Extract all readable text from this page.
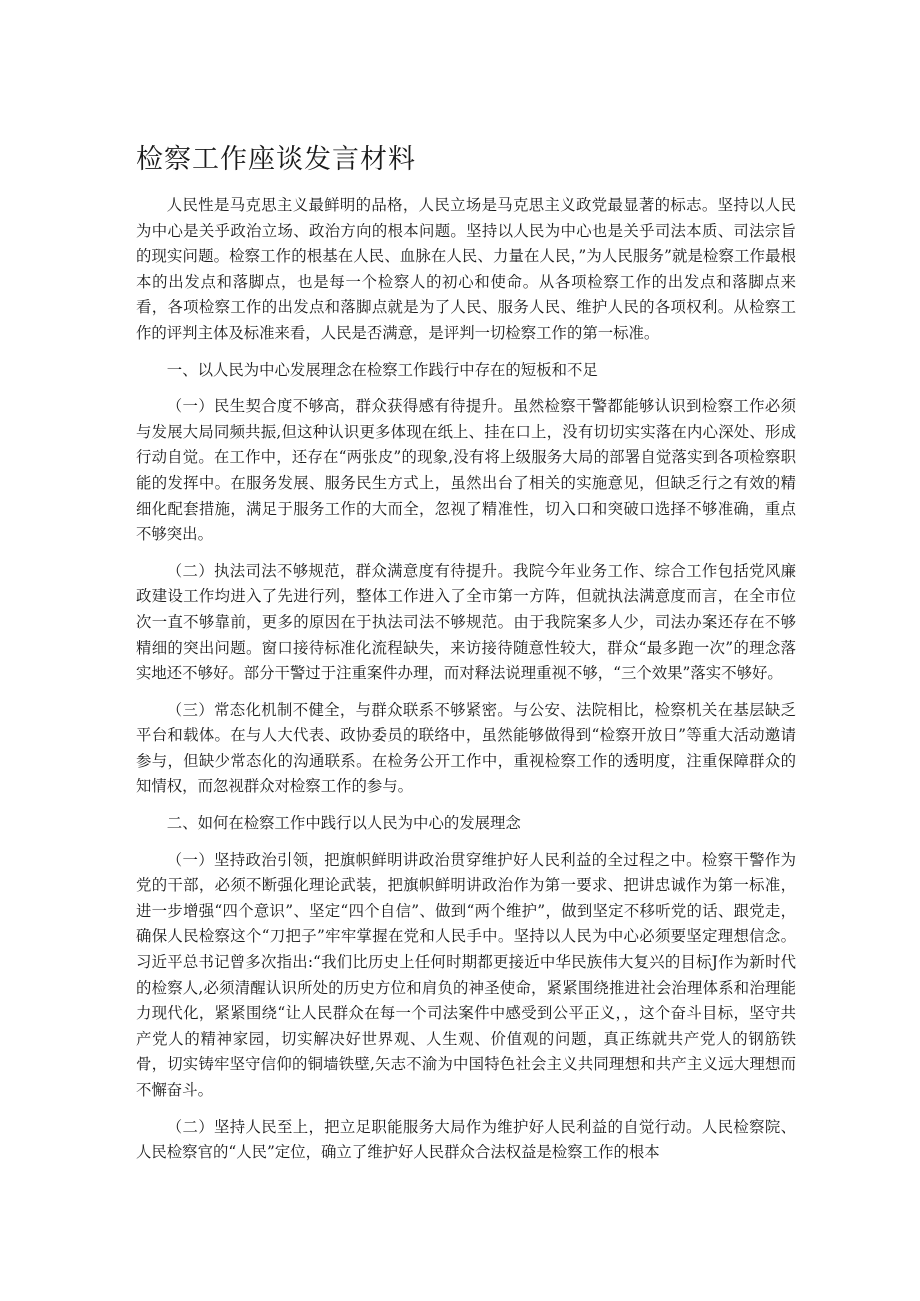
检察工作座谈发言材料

人民性是马克思主义最鲜明的品格，人民立场是马克思主义政党最显著的标志。坚持以人民为中心是关乎政治立场、政治方向的根本问题。坚持以人民为中心也是关乎司法本质、司法宗旨的现实问题。检察工作的根基在人民、血脉在人民、力量在人民，”为人民服务”就是检察工作最根本的出发点和落脚点，也是每一个检察人的初心和使命。从各项检察工作的出发点和落脚点来看，各项检察工作的出发点和落脚点就是为了人民、服务人民、维护人民的各项权利。从检察工作的评判主体及标准来看，人民是否满意，是评判一切检察工作的第一标准。

一、以人民为中心发展理念在检察工作践行中存在的短板和不足

（一）民生契合度不够高，群众获得感有待提升。虽然检察干警都能够认识到检察工作必须与发展大局同频共振,但这种认识更多体现在纸上、挂在口上，没有切切实实落在内心深处、形成行动自觉。在工作中，还存在“两张皮”的现象,没有将上级服务大局的部署自觉落实到各项检察职能的发挥中。在服务发展、服务民生方式上，虽然出台了相关的实施意见，但缺乏行之有效的精细化配套措施，满足于服务工作的大而全，忽视了精准性，切入口和突破口选择不够准确，重点不够突出。

（二）执法司法不够规范，群众满意度有待提升。我院今年业务工作、综合工作包括党风廉政建设工作均进入了先进行列，整体工作进入了全市第一方阵，但就执法满意度而言，在全市位次一直不够靠前，更多的原因在于执法司法不够规范。由于我院案多人少，司法办案还存在不够精细的突出问题。窗口接待标准化流程缺失，来访接待随意性较大，群众“最多跑一次”的理念落实地还不够好。部分干警过于注重案件办理，而对释法说理重视不够，“三个效果”落实不够好。

（三）常态化机制不健全，与群众联系不够紧密。与公安、法院相比，检察机关在基层缺乏平台和载体。在与人大代表、政协委员的联络中，虽然能够做得到“检察开放日”等重大活动邀请参与，但缺少常态化的沟通联系。在检务公开工作中，重视检察工作的透明度，注重保障群众的知情权，而忽视群众对检察工作的参与。

二、如何在检察工作中践行以人民为中心的发展理念

（一）坚持政治引领，把旗帜鲜明讲政治贯穿维护好人民利益的全过程之中。检察干警作为党的干部，必须不断强化理论武装，把旗帜鲜明讲政治作为第一要求、把讲忠诚作为第一标准，进一步增强“四个意识”、坚定“四个自信”、做到“两个维护”，做到坚定不移听党的话、跟党走，确保人民检察这个“刀把子”牢牢掌握在党和人民手中。坚持以人民为中心必须要坚定理想信念。习近平总书记曾多次指出:“我们比历史上任何时期都更接近中华民族伟大复兴的目标J作为新时代的检察人,必须清醒认识所处的历史方位和肩负的神圣使命，紧紧围绕推进社会治理体系和治理能力现代化，紧紧围绕“让人民群众在每一个司法案件中感受到公平正义，，这个奋斗目标，坚守共产党人的精神家园，切实解决好世界观、人生观、价值观的问题，真正练就共产党人的钢筋铁骨，切实铸牢坚守信仰的铜墙铁壁,矢志不渝为中国特色社会主义共同理想和共产主义远大理想而不懈奋斗。

（二）坚持人民至上，把立足职能服务大局作为维护好人民利益的自觉行动。人民检察院、人民检察官的“人民”定位，确立了维护好人民群众合法权益是检察工作的根本
